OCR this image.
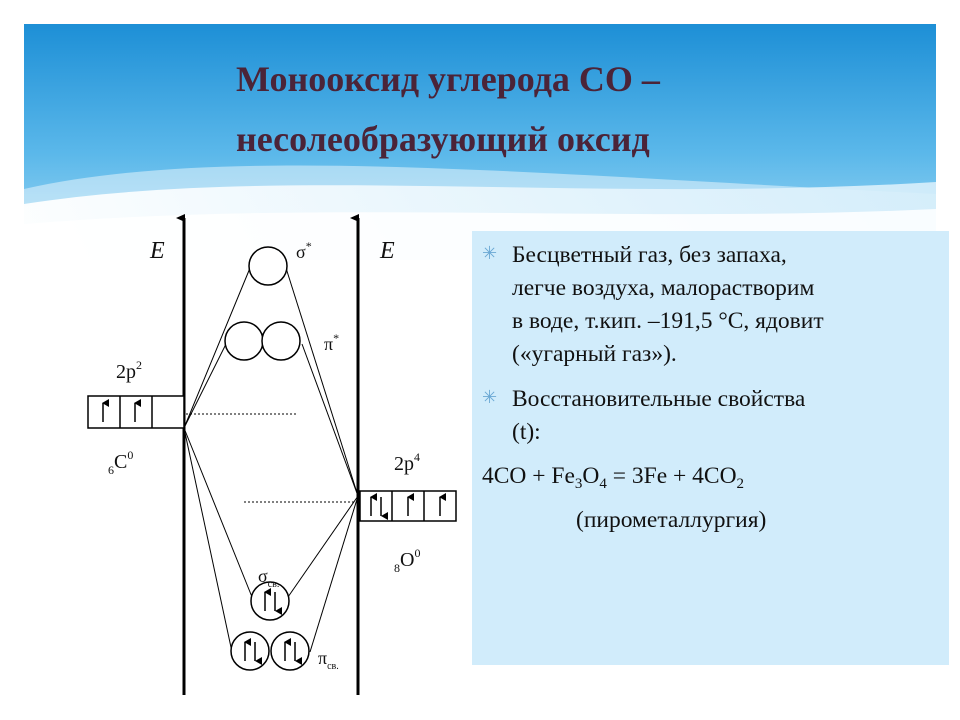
Монооксид углерода СО –
несолеобразующий оксид
✳ Бесцветный газ, без запаха,
легче воздуха, малорастворим
в воде, т.кип. –191,5 °С, ядовит
(«угарный газ»).
✳ Восстановительные свойства
(t):
$4CO + Fe_3O_4 = 3Fe + 4CO_2$
(пирометаллургия)
E	E
$2p^2$
$_6C^0$	$2p^4$
$_8O^0$
σ*
π*
$\sigma_{св.}$
$\pi_{св.}$
